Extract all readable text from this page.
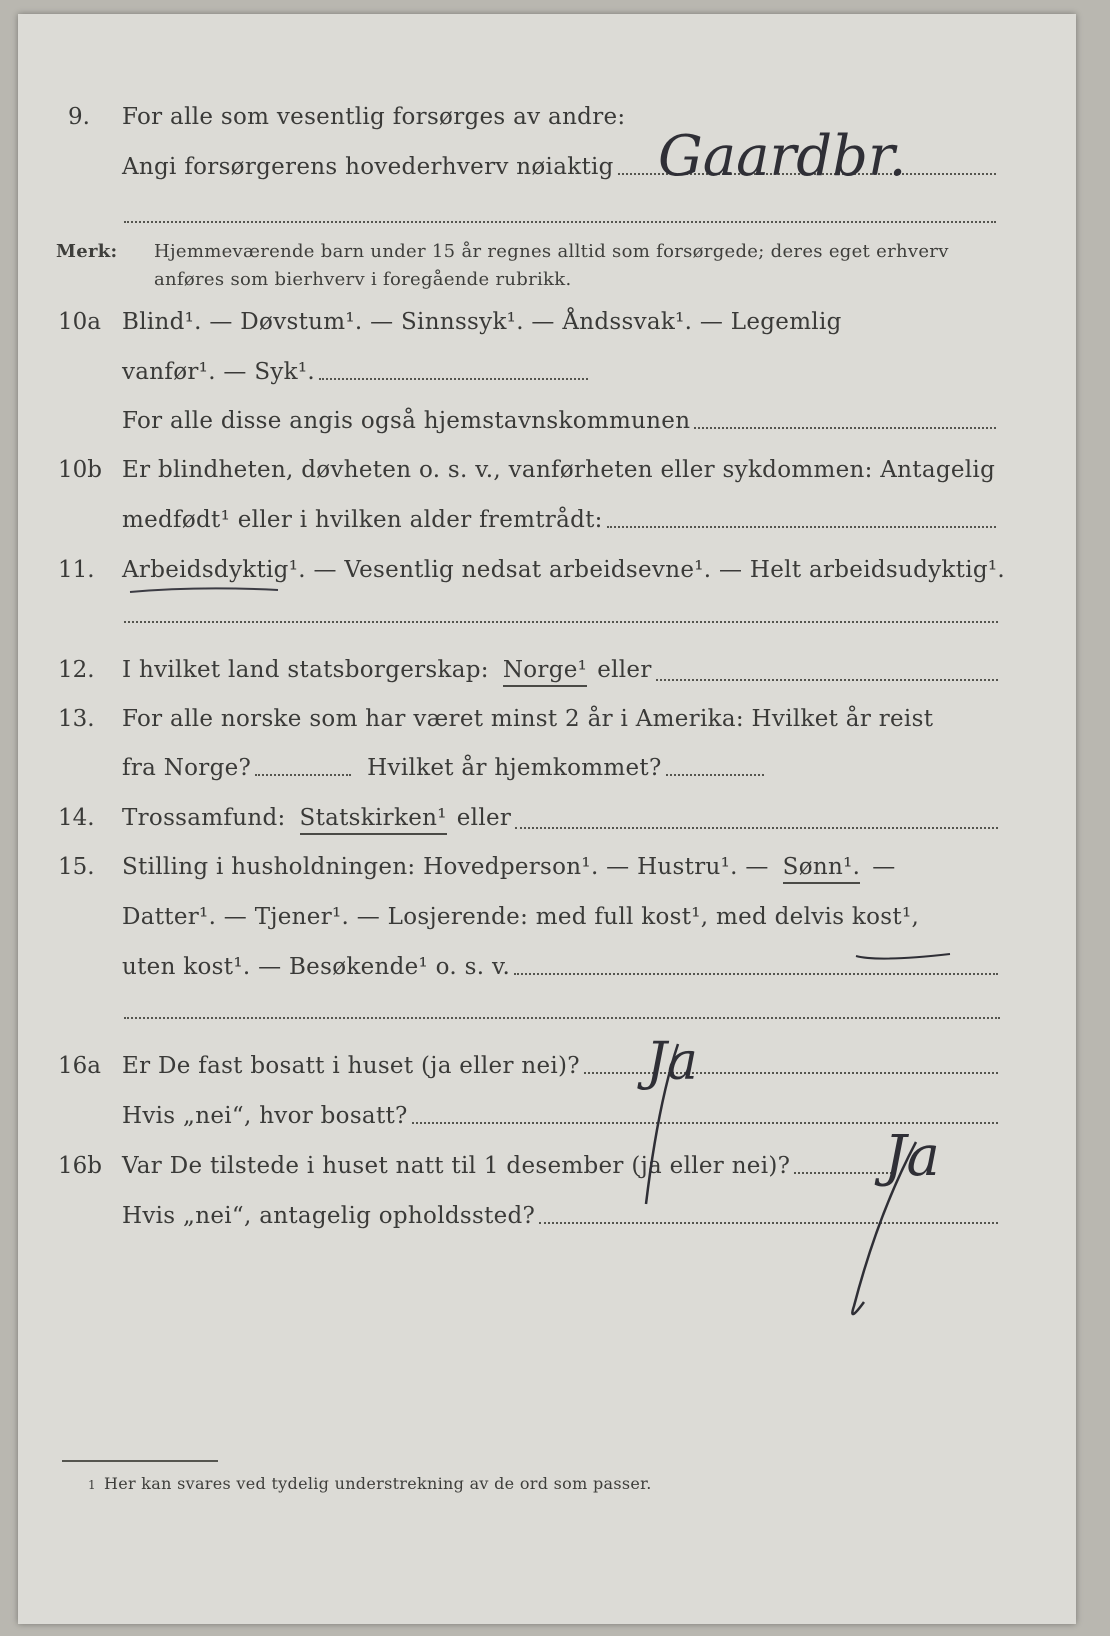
9. For alle som vesentlig forsørges av andre:
Angi forsørgerens hovederhverv nøiaktig Gaardbr.
Merk: Hjemmeværende barn under 15 år regnes alltid som forsørgede; deres eget erhverv
anføres som bierhverv i foregående rubrikk.
10a Blind¹. — Døvstum¹. — Sinnssyk¹. — Åndssvak¹. — Legemlig
vanfør¹. — Syk¹.
For alle disse angis også hjemstavnskommunen
10b Er blindheten, døvheten o. s. v., vanførheten eller sykdommen: Antagelig
medfødt¹ eller i hvilken alder fremtrådt:
11. Arbeidsdyktig¹. — Vesentlig nedsat arbeidsevne¹. — Helt arbeidsudyktig¹.
12. I hvilket land statsborgerskap: Norge¹ eller
13. For alle norske som har været minst 2 år i Amerika: Hvilket år reist
fra Norge?	Hvilket år hjemkommet?
14. Trossamfund: Statskirken¹ eller
15. Stilling i husholdningen: Hovedperson¹. — Hustru¹. — Sønn¹. —
Datter¹. — Tjener¹. — Losjerende: med full kost¹, med delvis kost¹,
uten kost¹. — Besøkende¹ o. s. v.
16a Er De fast bosatt i huset (ja eller nei)?
Hvis „nei“, hvor bosatt?
Ja
16b Var De tilstede i huset natt til 1 desember (ja eller nei)?
Hvis „nei“, antagelig opholdssted?
Ja
1 Her kan svares ved tydelig understrekning av de ord som passer.
